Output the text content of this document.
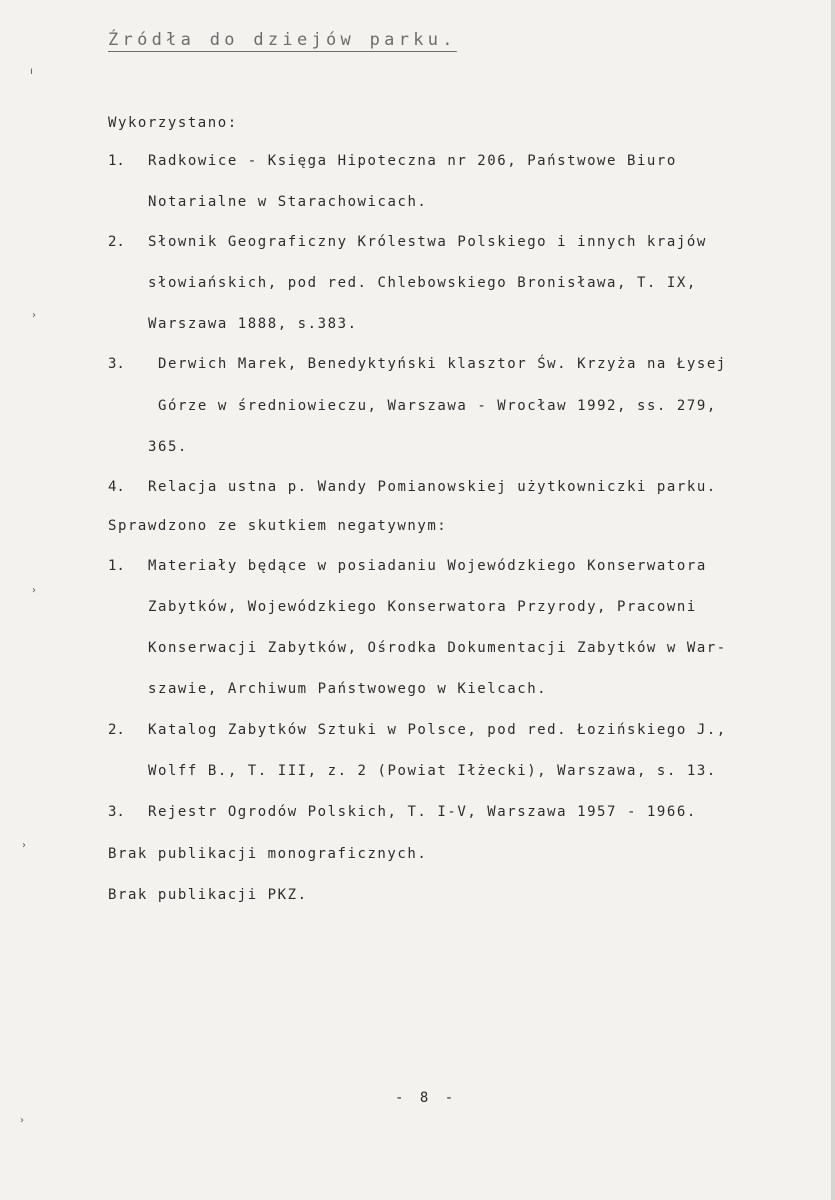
Źródła do dziejów parku.
ı
›
›
›
›
Wykorzystano:
1. Radkowice - Księga Hipoteczna nr 206, Państwowe Biuro
Notarialne w Starachowicach.
2. Słownik Geograficzny Królestwa Polskiego i innych krajów
słowiańskich, pod red. Chlebowskiego Bronisława, T. IX,
Warszawa 1888, s.383.
3. Derwich Marek, Benedyktyński klasztor Św. Krzyża na Łysej
Górze w średniowieczu, Warszawa - Wrocław 1992, ss. 279,
365.
4. Relacja ustna p. Wandy Pomianowskiej użytkowniczki parku.
Sprawdzono ze skutkiem negatywnym:
1. Materiały będące w posiadaniu Wojewódzkiego Konserwatora
Zabytków, Wojewódzkiego Konserwatora Przyrody, Pracowni
Konserwacji Zabytków, Ośrodka Dokumentacji Zabytków w War-
szawie, Archiwum Państwowego w Kielcach.
2. Katalog Zabytków Sztuki w Polsce, pod red. Łozińskiego J.,
Wolff B., T. III, z. 2 (Powiat Iłżecki), Warszawa, s. 13.
3. Rejestr Ogrodów Polskich, T. I-V, Warszawa 1957 - 1966.
Brak publikacji monograficznych.
Brak publikacji PKZ.
- 8 -
